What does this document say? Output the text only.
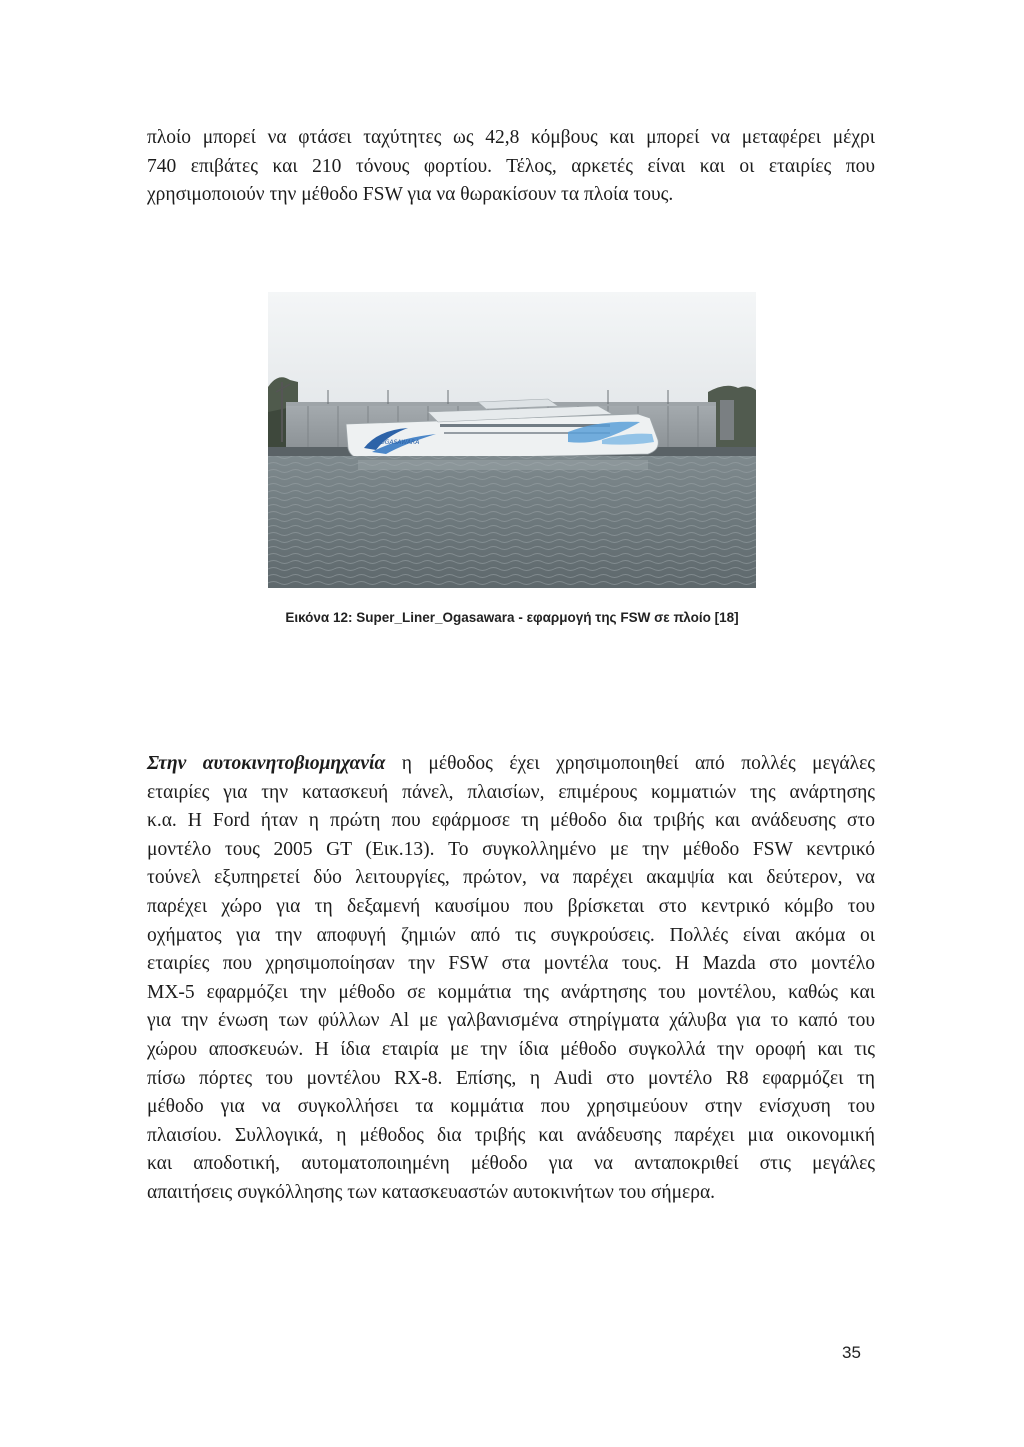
πλοίο μπορεί να φτάσει ταχύτητες ως 42,8 κόμβους και μπορεί να μεταφέρει μέχρι
740 επιβάτες και 210 τόνους φορτίου. Τέλος, αρκετές είναι και οι εταιρίες που
χρησιμοποιούν την μέθοδο FSW για να θωρακίσουν τα πλοία τους.

OGASAWARA
Εικόνα 12: Super_Liner_Ogasawara - εφαρμογή της FSW σε πλοίο [18]

Στην αυτοκινητοβιομηχανία η μέθοδος έχει χρησιμοποιηθεί από πολλές μεγάλες
εταιρίες για την κατασκευή πάνελ, πλαισίων, επιμέρους κομματιών της ανάρτησης
κ.α. Η Ford ήταν η πρώτη που εφάρμοσε τη μέθοδο δια τριβής και ανάδευσης στο
μοντέλο τους 2005 GT (Εικ.13). Το συγκολλημένο με την μέθοδο FSW κεντρικό
τούνελ εξυπηρετεί δύο λειτουργίες, πρώτον, να παρέχει ακαμψία και δεύτερον, να
παρέχει χώρο για τη δεξαμενή καυσίμου που βρίσκεται στο κεντρικό κόμβο του
οχήματος για την αποφυγή ζημιών από τις συγκρούσεις. Πολλές είναι ακόμα οι
εταιρίες που χρησιμοποίησαν την FSW στα μοντέλα τους. Η Mazda στο μοντέλο
MX-5 εφαρμόζει την μέθοδο σε κομμάτια της ανάρτησης του μοντέλου, καθώς και
για την ένωση των φύλλων Al με γαλβανισμένα στηρίγματα χάλυβα για το καπό του
χώρου αποσκευών. Η ίδια εταιρία με την ίδια μέθοδο συγκολλά την οροφή και τις
πίσω πόρτες του μοντέλου RX-8. Επίσης, η Audi στο μοντέλο R8 εφαρμόζει τη
μέθοδο για να συγκολλήσει τα κομμάτια που χρησιμεύουν στην ενίσχυση του
πλαισίου. Συλλογικά, η μέθοδος δια τριβής και ανάδευσης παρέχει μια οικονομική
και αποδοτική, αυτοματοποιημένη μέθοδο για να ανταποκριθεί στις μεγάλες
απαιτήσεις συγκόλλησης των κατασκευαστών αυτοκινήτων του σήμερα.

35
